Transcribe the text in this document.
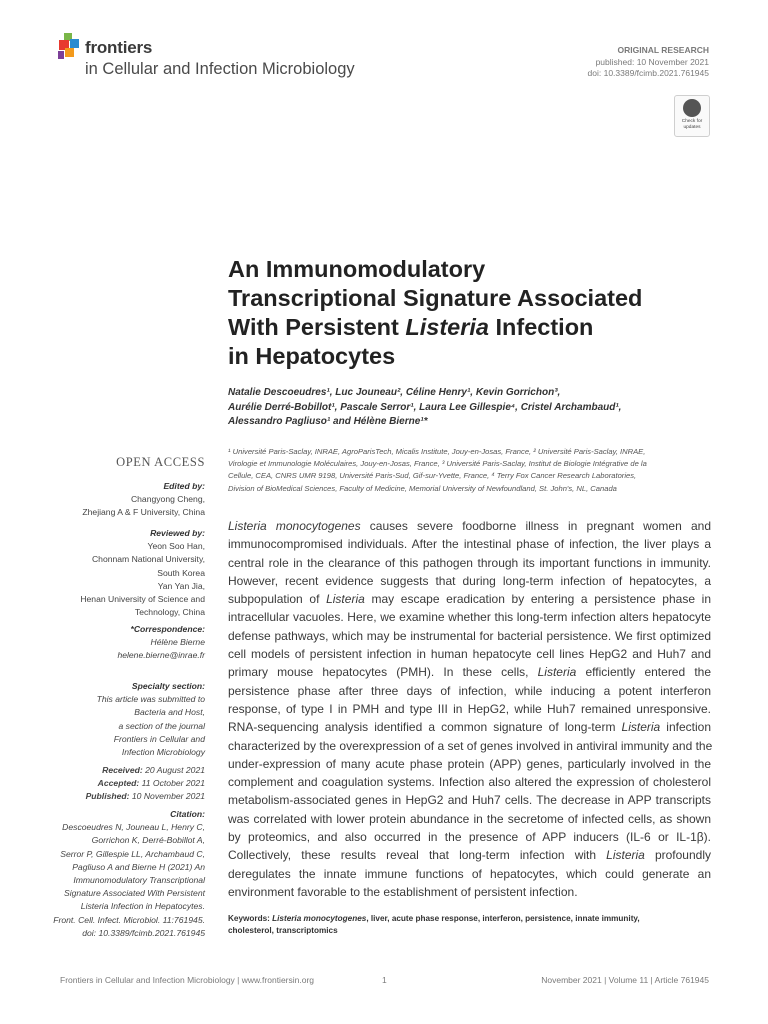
frontiers
in Cellular and Infection Microbiology
ORIGINAL RESEARCH
published: 10 November 2021
doi: 10.3389/fcimb.2021.761945
Check for updates
An Immunomodulatory
Transcriptional Signature Associated
With Persistent Listeria Infection
in Hepatocytes
Natalie Descoeudres¹, Luc Jouneau², Céline Henry¹, Kevin Gorrichon³,
Aurélie Derré-Bobillot¹, Pascale Serror¹, Laura Lee Gillespie⁴, Cristel Archambaud¹,
Alessandro Pagliuso¹ and Hélène Bierne¹*
¹ Université Paris-Saclay, INRAE, AgroParisTech, Micalis Institute, Jouy-en-Josas, France, ² Université Paris-Saclay, INRAE,
Virologie et Immunologie Moléculaires, Jouy-en-Josas, France, ³ Université Paris-Saclay, Institut de Biologie Intégrative de la
Cellule, CEA, CNRS UMR 9198, Université Paris-Sud, Gif-sur-Yvette, France, ⁴ Terry Fox Cancer Research Laboratories,
Division of BioMedical Sciences, Faculty of Medicine, Memorial University of Newfoundland, St. John's, NL, Canada
OPEN ACCESS
Edited by:
Changyong Cheng,
Zhejiang A & F University, China
Reviewed by:
Yeon Soo Han,
Chonnam National University,
South Korea
Yan Yan Jia,
Henan University of Science and
Technology, China
*Correspondence:
Hélène Bierne
helene.bierne@inrae.fr
Specialty section:
This article was submitted to
Bacteria and Host,
a section of the journal
Frontiers in Cellular and
Infection Microbiology
Received: 20 August 2021
Accepted: 11 October 2021
Published: 10 November 2021
Citation:
Descoeudres N, Jouneau L, Henry C,
Gorrichon K, Derré-Bobillot A,
Serror P, Gillespie LL, Archambaud C,
Pagliuso A and Bierne H (2021) An
Immunomodulatory Transcriptional
Signature Associated With Persistent
Listeria Infection in Hepatocytes.
Front. Cell. Infect. Microbiol. 11:761945.
doi: 10.3389/fcimb.2021.761945
Listeria monocytogenes causes severe foodborne illness in pregnant women and
immunocompromised individuals. After the intestinal phase of infection, the liver plays a
central role in the clearance of this pathogen through its important functions in immunity.
However, recent evidence suggests that during long-term infection of hepatocytes, a
subpopulation of Listeria may escape eradication by entering a persistence phase in
intracellular vacuoles. Here, we examine whether this long-term infection alters hepatocyte
defense pathways, which may be instrumental for bacterial persistence. We first optimized
cell models of persistent infection in human hepatocyte cell lines HepG2 and Huh7 and
primary mouse hepatocytes (PMH). In these cells, Listeria efficiently entered the
persistence phase after three days of infection, while inducing a potent interferon
response, of type I in PMH and type III in HepG2, while Huh7 remained unresponsive.
RNA-sequencing analysis identified a common signature of long-term Listeria infection
characterized by the overexpression of a set of genes involved in antiviral immunity and the
under-expression of many acute phase protein (APP) genes, particularly involved in the
complement and coagulation systems. Infection also altered the expression of cholesterol
metabolism-associated genes in HepG2 and Huh7 cells. The decrease in APP transcripts
was correlated with lower protein abundance in the secretome of infected cells, as shown
by proteomics, and also occurred in the presence of APP inducers (IL-6 or IL-1β).
Collectively, these results reveal that long-term infection with Listeria profoundly
deregulates the innate immune functions of hepatocytes, which could generate an
environment favorable to the establishment of persistent infection.
Keywords: Listeria monocytogenes, liver, acute phase response, interferon, persistence, innate immunity,
cholesterol, transcriptomics
Frontiers in Cellular and Infection Microbiology | www.frontiersin.org	1	November 2021 | Volume 11 | Article 761945
